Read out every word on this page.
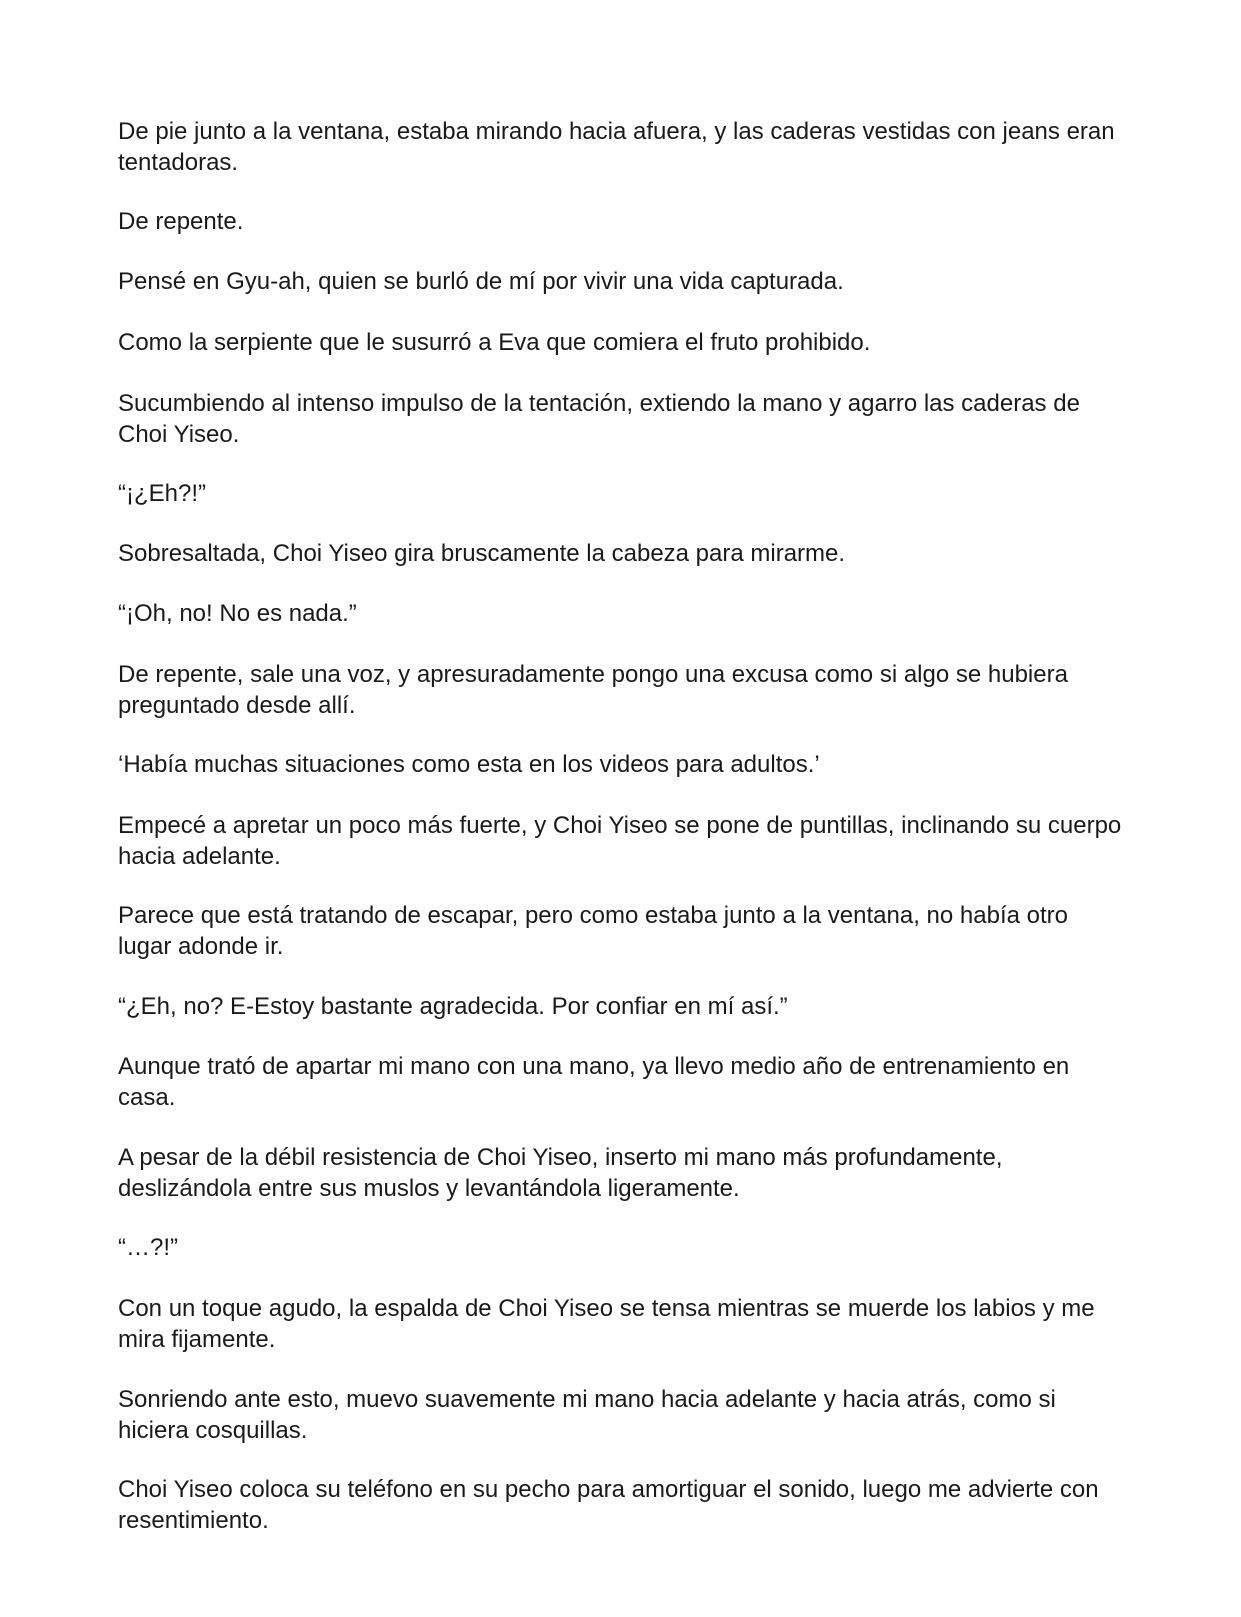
De pie junto a la ventana, estaba mirando hacia afuera, y las caderas vestidas con jeans eran tentadoras.

De repente.

Pensé en Gyu-ah, quien se burló de mí por vivir una vida capturada.

Como la serpiente que le susurró a Eva que comiera el fruto prohibido.

Sucumbiendo al intenso impulso de la tentación, extiendo la mano y agarro las caderas de Choi Yiseo.

“¡¿Eh?!”

Sobresaltada, Choi Yiseo gira bruscamente la cabeza para mirarme.

“¡Oh, no! No es nada.”

De repente, sale una voz, y apresuradamente pongo una excusa como si algo se hubiera preguntado desde allí.

‘Había muchas situaciones como esta en los videos para adultos.’

Empecé a apretar un poco más fuerte, y Choi Yiseo se pone de puntillas, inclinando su cuerpo hacia adelante.

Parece que está tratando de escapar, pero como estaba junto a la ventana, no había otro lugar adonde ir.

“¿Eh, no? E-Estoy bastante agradecida. Por confiar en mí así.”

Aunque trató de apartar mi mano con una mano, ya llevo medio año de entrenamiento en casa.

A pesar de la débil resistencia de Choi Yiseo, inserto mi mano más profundamente, deslizándola entre sus muslos y levantándola ligeramente.

“…?!”

Con un toque agudo, la espalda de Choi Yiseo se tensa mientras se muerde los labios y me mira fijamente.

Sonriendo ante esto, muevo suavemente mi mano hacia adelante y hacia atrás, como si hiciera cosquillas.

Choi Yiseo coloca su teléfono en su pecho para amortiguar el sonido, luego me advierte con resentimiento.
